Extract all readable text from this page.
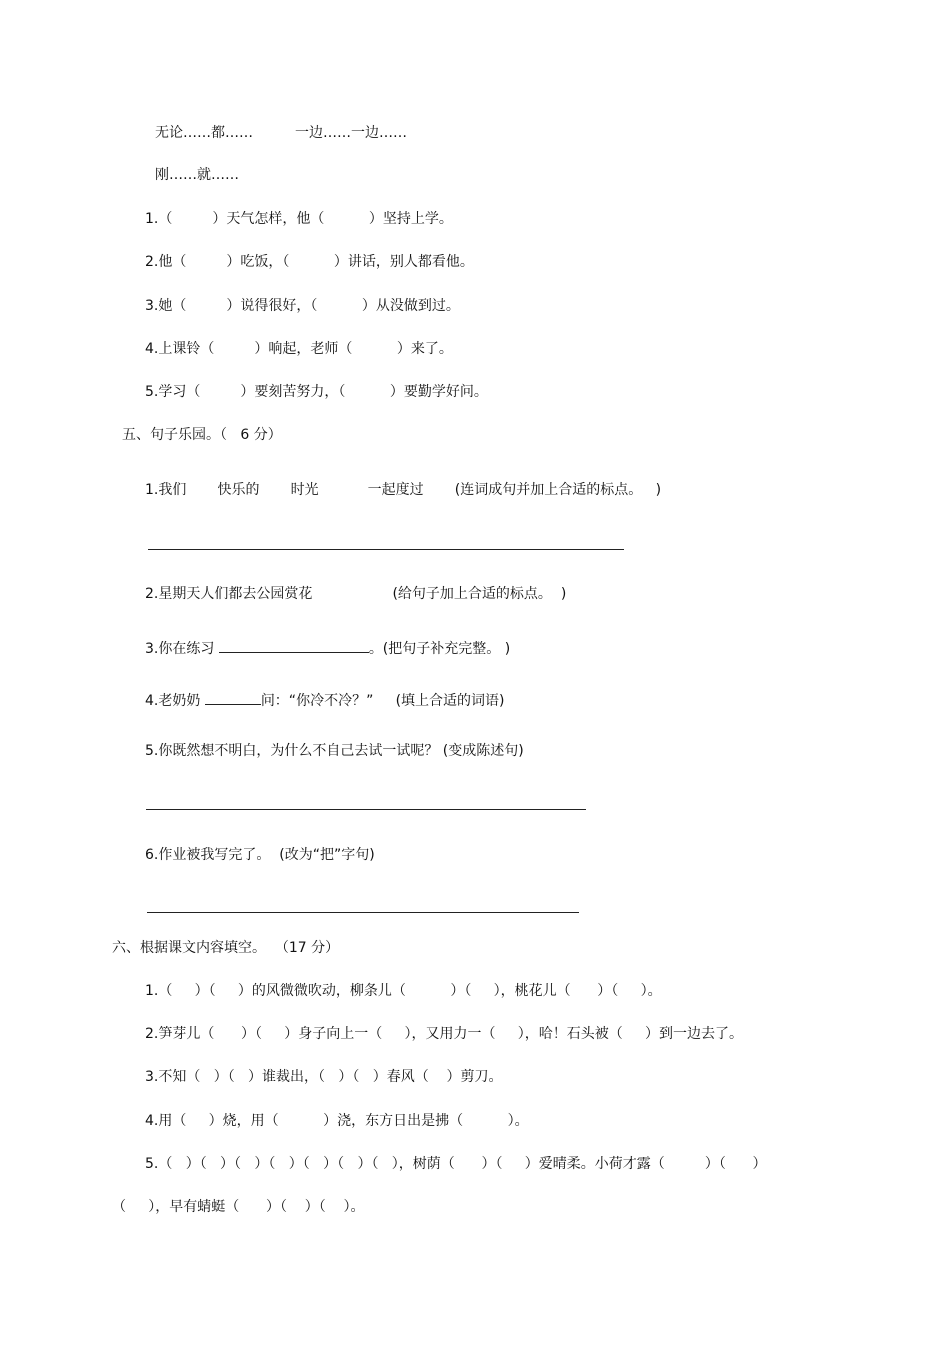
无论……都……	一边……一边……
刚……就……
1.（         ）天气怎样，他（          ）坚持上学。
2.他（         ）吃饭，（          ）讲话，别人都看他。
3.她（         ）说得很好，（          ）从没做到过。
4.上课铃（         ）响起，老师（          ）来了。
5.学习（         ）要刻苦努力，（          ）要勤学好问。
五、句子乐园。（   6 分）
1.我们       快乐的       时光           一起度过       (连词成句并加上合适的标点。   )
2.星期天人们都去公园赏花                  (给句子加上合适的标点。  )
3.你在练习	。(把句子补充完整。 )
4.老奶奶	问：“你冷不冷？”     (填上合适的词语)
5.你既然想不明白，为什么不自己去试一试呢？ (变成陈述句)
6.作业被我写完了。  (改为“把”字句)
六、根据课文内容填空。  （17 分）
1.（     ）（     ）的风微微吹动，柳条儿（          ）（     ），桃花儿（      ）（     ）。
2.笋芽儿（      ）（     ）身子向上一（     ），又用力一（     ），哈！石头被（     ）到一边去了。
3.不知（   ）（   ）谁裁出，（   ）（   ）春风（    ）剪刀。
4.用（     ）烧，用（          ）浇，东方日出是拂（          ）。
5.（   ）（   ）（   ）（   ）（   ）（   ）（   ），树荫（      ）（     ）爱晴柔。小荷才露（         ）（      ）
（     ），早有蜻蜓（      ）（    ）（    ）。
